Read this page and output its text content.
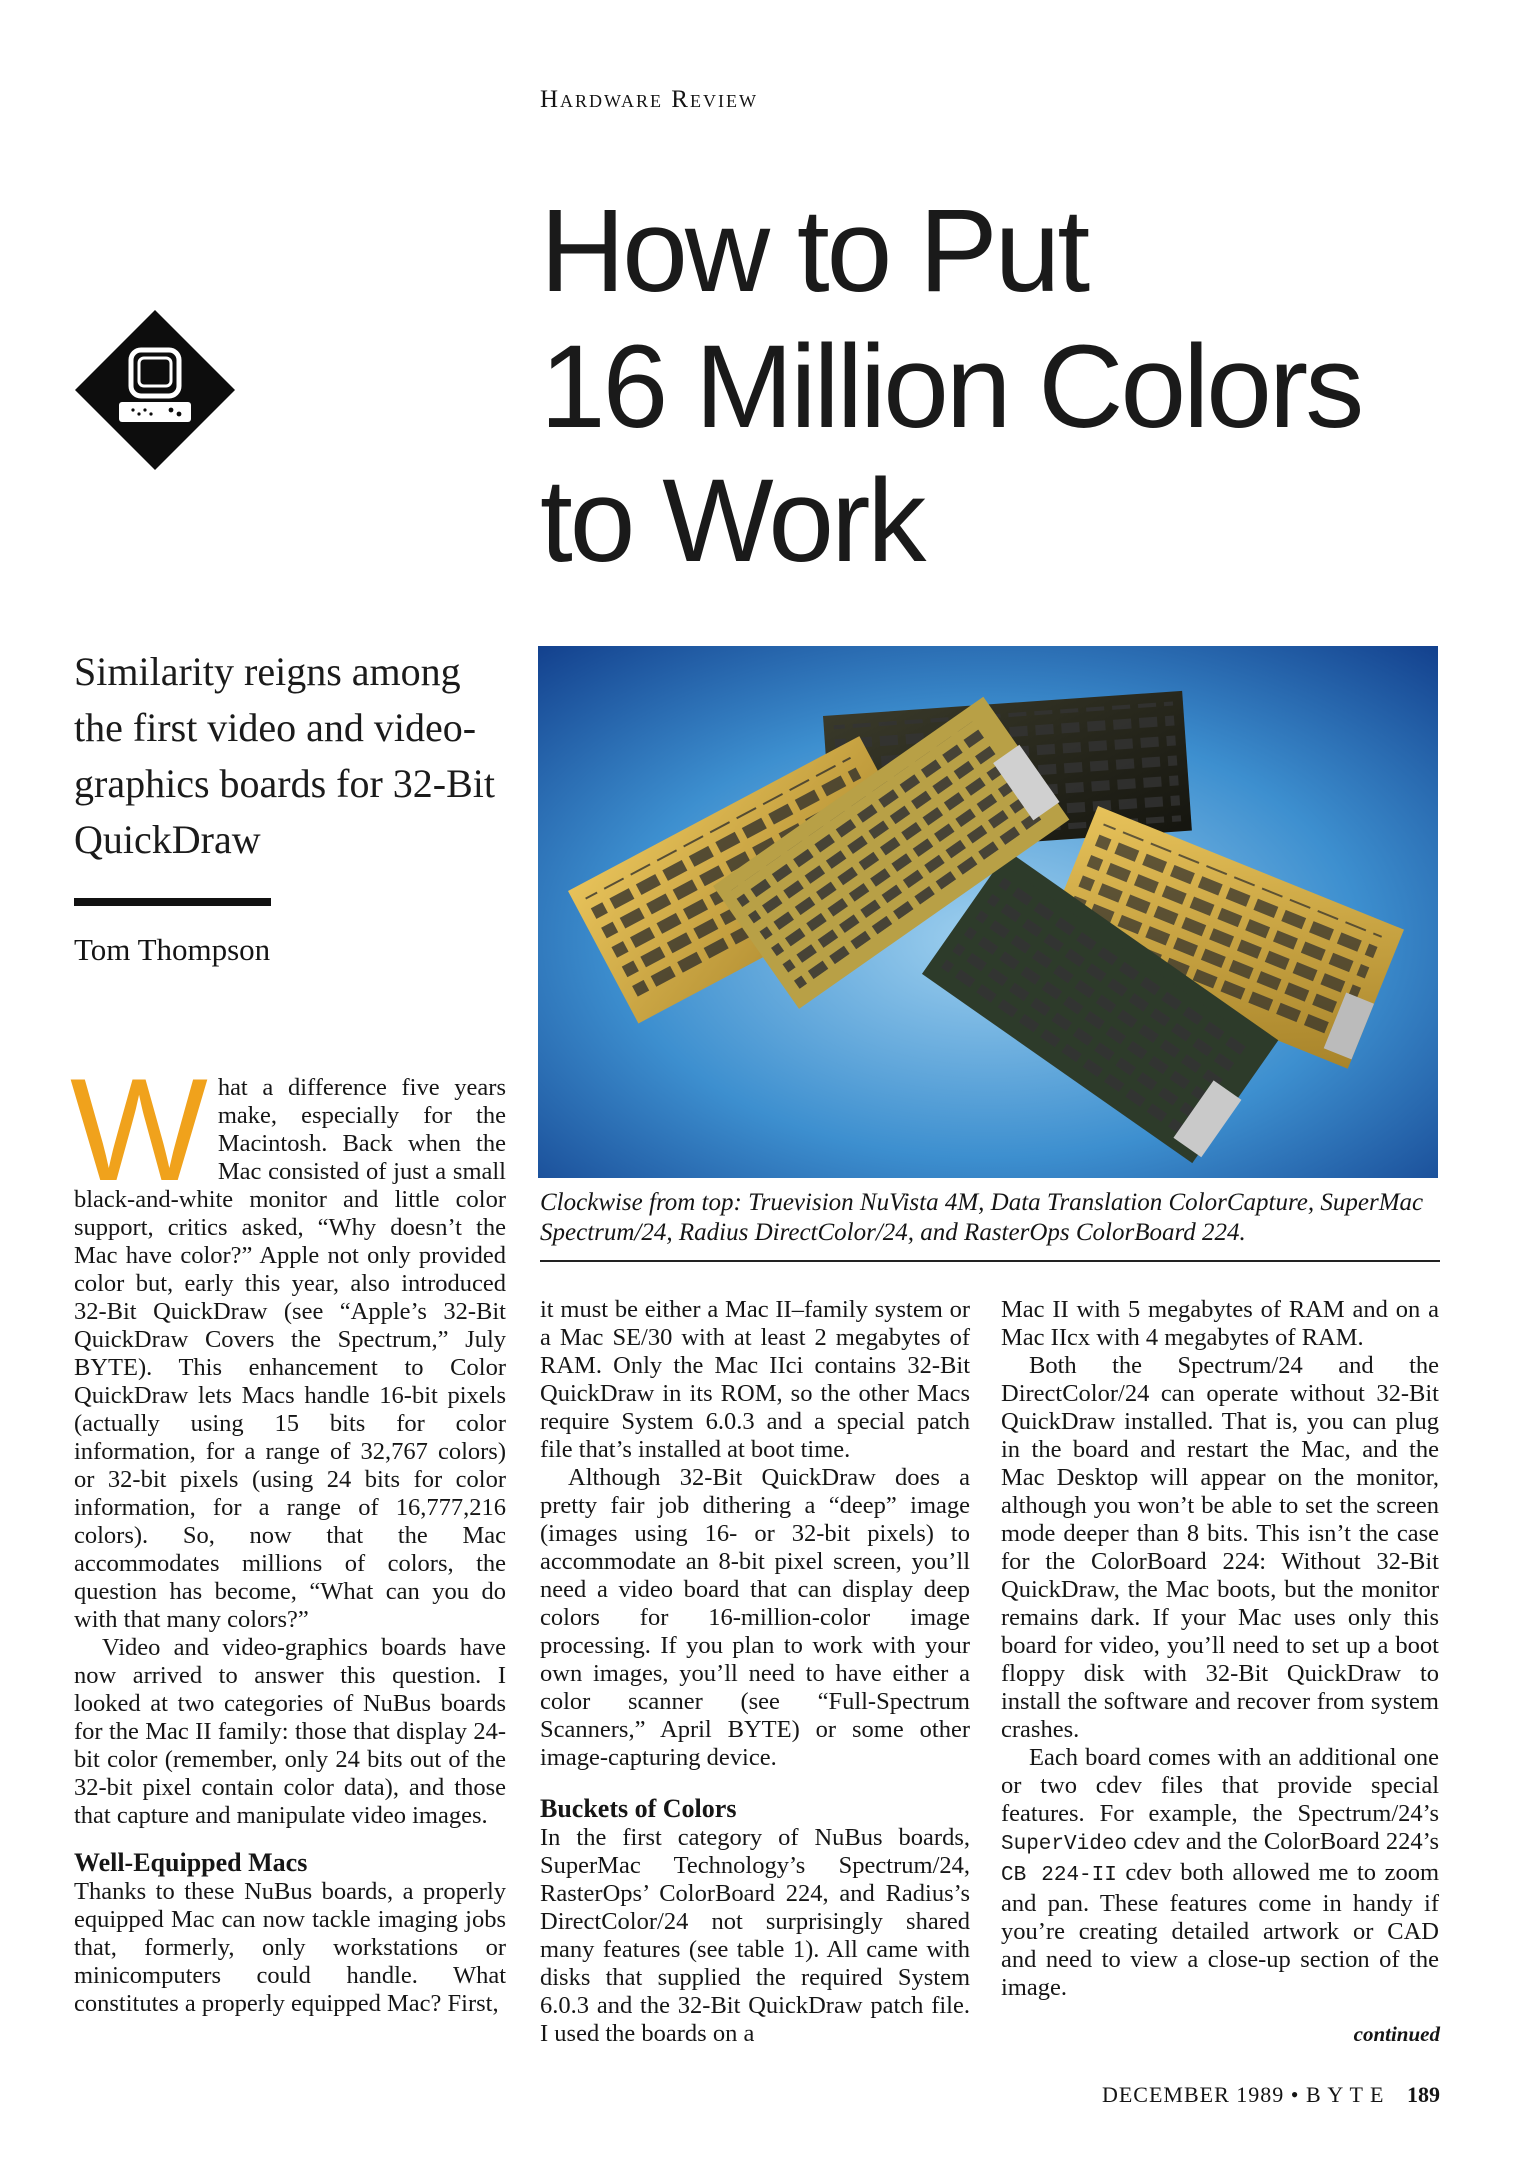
Hardware Review
How to Put
16 Million Colors
to Work
Similarity reigns among the first video and video-graphics boards for 32-Bit QuickDraw
Tom Thompson
Clockwise from top: Truevision NuVista 4M, Data Translation ColorCapture, SuperMac Spectrum/24, Radius DirectColor/24, and RasterOps ColorBoard 224.

What a difference five years make, especially for the Macintosh. Back when the Mac consisted of just a small black-and-white monitor and little color support, critics asked, “Why doesn’t the Mac have color?” Apple not only provided color but, early this year, also introduced 32-Bit QuickDraw (see “Apple’s 32-Bit QuickDraw Covers the Spectrum,” July BYTE). This enhancement to Color QuickDraw lets Macs handle 16-bit pixels (actually using 15 bits for color information, for a range of 32,767 colors) or 32-bit pixels (using 24 bits for color information, for a range of 16,777,216 colors). So, now that the Mac accommodates millions of colors, the question has become, “What can you do with that many colors?”

Video and video-graphics boards have now arrived to answer this question. I looked at two categories of NuBus boards for the Mac II family: those that display 24-bit color (remember, only 24 bits out of the 32-bit pixel contain color data), and those that capture and manipulate video images.

Well-Equipped Macs

Thanks to these NuBus boards, a properly equipped Mac can now tackle imaging jobs that, formerly, only workstations or minicomputers could handle. What constitutes a properly equipped Mac? First,

it must be either a Mac II–family system or a Mac SE/30 with at least 2 megabytes of RAM. Only the Mac IIci contains 32-Bit QuickDraw in its ROM, so the other Macs require System 6.0.3 and a special patch file that’s installed at boot time.

Although 32-Bit QuickDraw does a pretty fair job dithering a “deep” image (images using 16- or 32-bit pixels) to accommodate an 8-bit pixel screen, you’ll need a video board that can display deep colors for 16-million-color image processing. If you plan to work with your own images, you’ll need to have either a color scanner (see “Full-Spectrum Scanners,” April BYTE) or some other image-capturing device.

Buckets of Colors

In the first category of NuBus boards, SuperMac Technology’s Spectrum/24, RasterOps’ ColorBoard 224, and Radius’s DirectColor/24 not surprisingly shared many features (see table 1). All came with disks that supplied the required System 6.0.3 and the 32-Bit QuickDraw patch file. I used the boards on a

Mac II with 5 megabytes of RAM and on a Mac IIcx with 4 megabytes of RAM.

Both the Spectrum/24 and the DirectColor/24 can operate without 32-Bit QuickDraw installed. That is, you can plug in the board and restart the Mac, and the Mac Desktop will appear on the monitor, although you won’t be able to set the screen mode deeper than 8 bits. This isn’t the case for the ColorBoard 224: Without 32-Bit QuickDraw, the Mac boots, but the monitor remains dark. If your Mac uses only this board for video, you’ll need to set up a boot floppy disk with 32-Bit QuickDraw to install the software and recover from system crashes.

Each board comes with an additional one or two cdev files that provide special features. For example, the Spectrum/24’s SuperVideo cdev and the ColorBoard 224’s CB 224-II cdev both allowed me to zoom and pan. These features come in handy if you’re creating detailed artwork or CAD and need to view a close-up section of the image.

continued
DECEMBER 1989 • B Y T E 189
